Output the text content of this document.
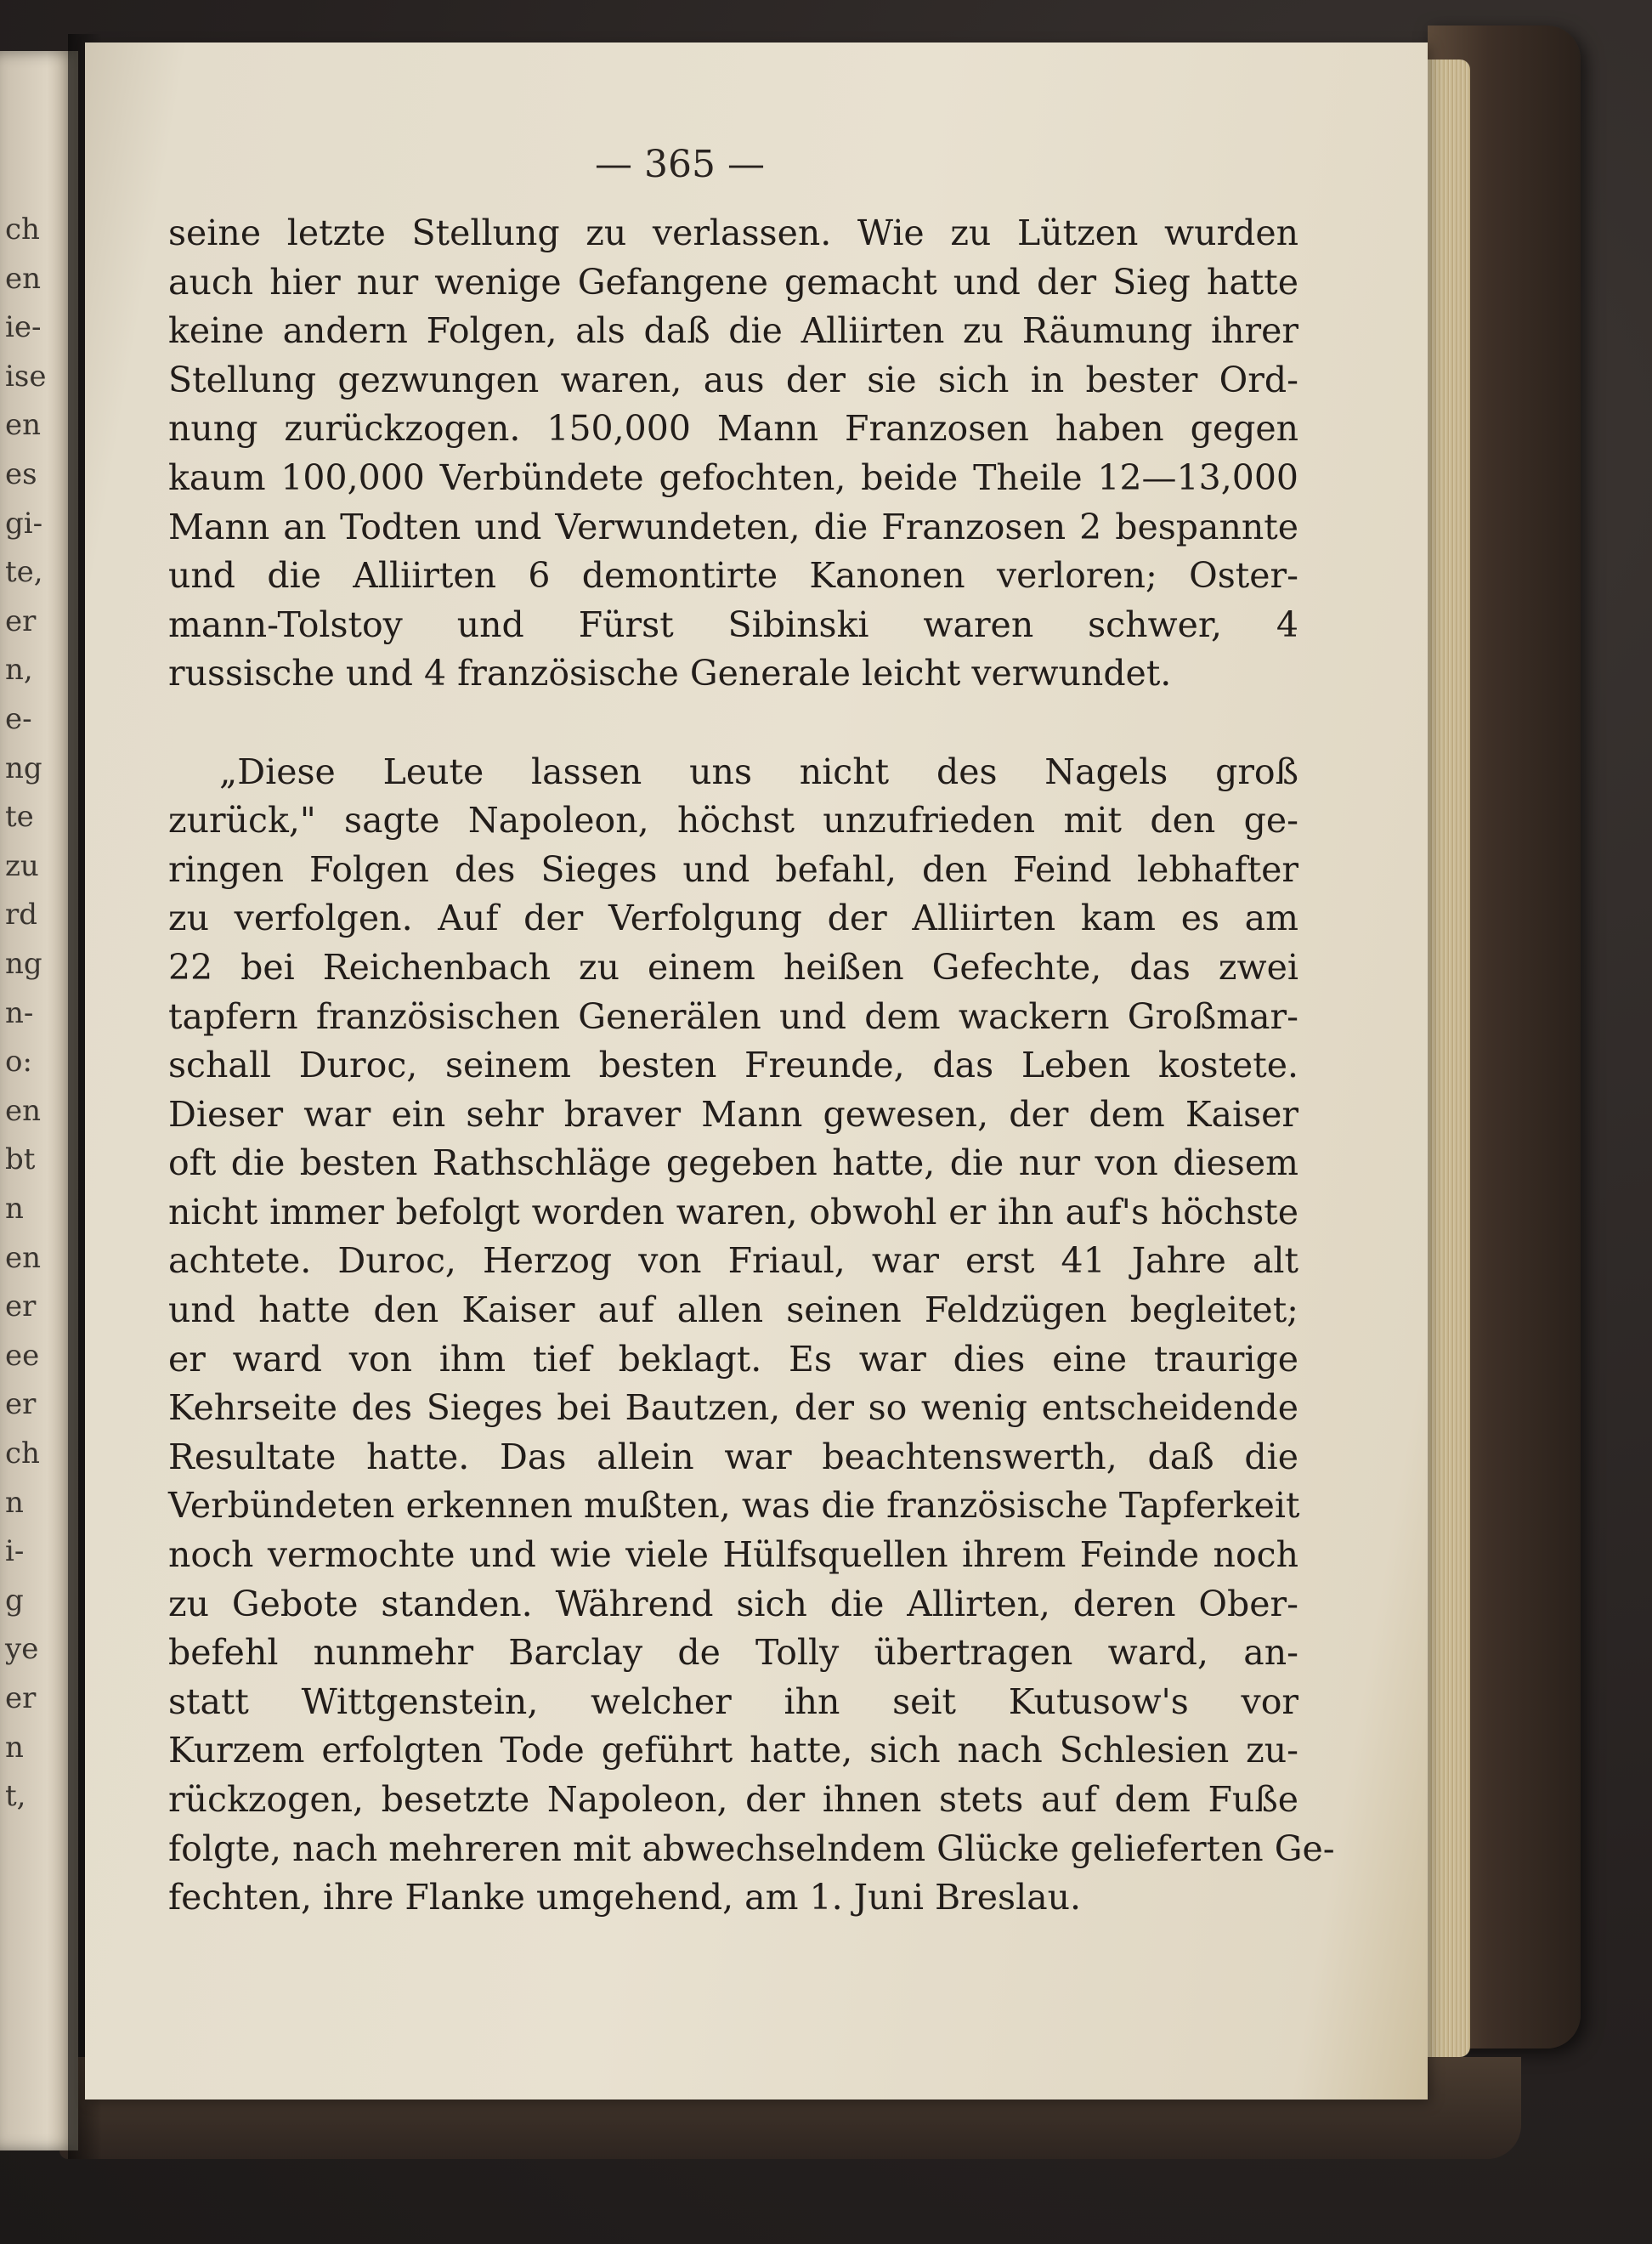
ch
en
ie-
ise
en
es
gi-
te,
er
n,
e-
ng
te
zu
rd
ng
n-
o:
en
bt
n
en
er
ee
er
ch
n
i-
g
ye
er
n
t,
— 365 —
seine letzte Stellung zu verlassen. Wie zu Lützen wurden
auch hier nur wenige Gefangene gemacht und der Sieg hatte
keine andern Folgen, als daß die Alliirten zu Räumung ihrer
Stellung gezwungen waren, aus der sie sich in bester Ord-
nung zurückzogen. 150,000 Mann Franzosen haben gegen
kaum 100,000 Verbündete gefochten, beide Theile 12—13,000
Mann an Todten und Verwundeten, die Franzosen 2 bespannte
und die Alliirten 6 demontirte Kanonen verloren; Oster-
mann-Tolstoy und Fürst Sibinski waren schwer, 4
russische und 4 französische Generale leicht verwundet.
„Diese Leute lassen uns nicht des Nagels groß
zurück," sagte Napoleon, höchst unzufrieden mit den ge-
ringen Folgen des Sieges und befahl, den Feind lebhafter
zu verfolgen. Auf der Verfolgung der Alliirten kam es am
22 bei Reichenbach zu einem heißen Gefechte, das zwei
tapfern französischen Generälen und dem wackern Großmar-
schall Duroc, seinem besten Freunde, das Leben kostete.
Dieser war ein sehr braver Mann gewesen, der dem Kaiser
oft die besten Rathschläge gegeben hatte, die nur von diesem
nicht immer befolgt worden waren, obwohl er ihn auf's höchste
achtete. Duroc, Herzog von Friaul, war erst 41 Jahre alt
und hatte den Kaiser auf allen seinen Feldzügen begleitet;
er ward von ihm tief beklagt. Es war dies eine traurige
Kehrseite des Sieges bei Bautzen, der so wenig entscheidende
Resultate hatte. Das allein war beachtenswerth, daß die
Verbündeten erkennen mußten, was die französische Tapferkeit
noch vermochte und wie viele Hülfsquellen ihrem Feinde noch
zu Gebote standen. Während sich die Allirten, deren Ober-
befehl nunmehr Barclay de Tolly übertragen ward, an-
statt Wittgenstein, welcher ihn seit Kutusow's vor
Kurzem erfolgten Tode geführt hatte, sich nach Schlesien zu-
rückzogen, besetzte Napoleon, der ihnen stets auf dem Fuße
folgte, nach mehreren mit abwechselndem Glücke gelieferten Ge-
fechten, ihre Flanke umgehend, am 1. Juni Breslau.
